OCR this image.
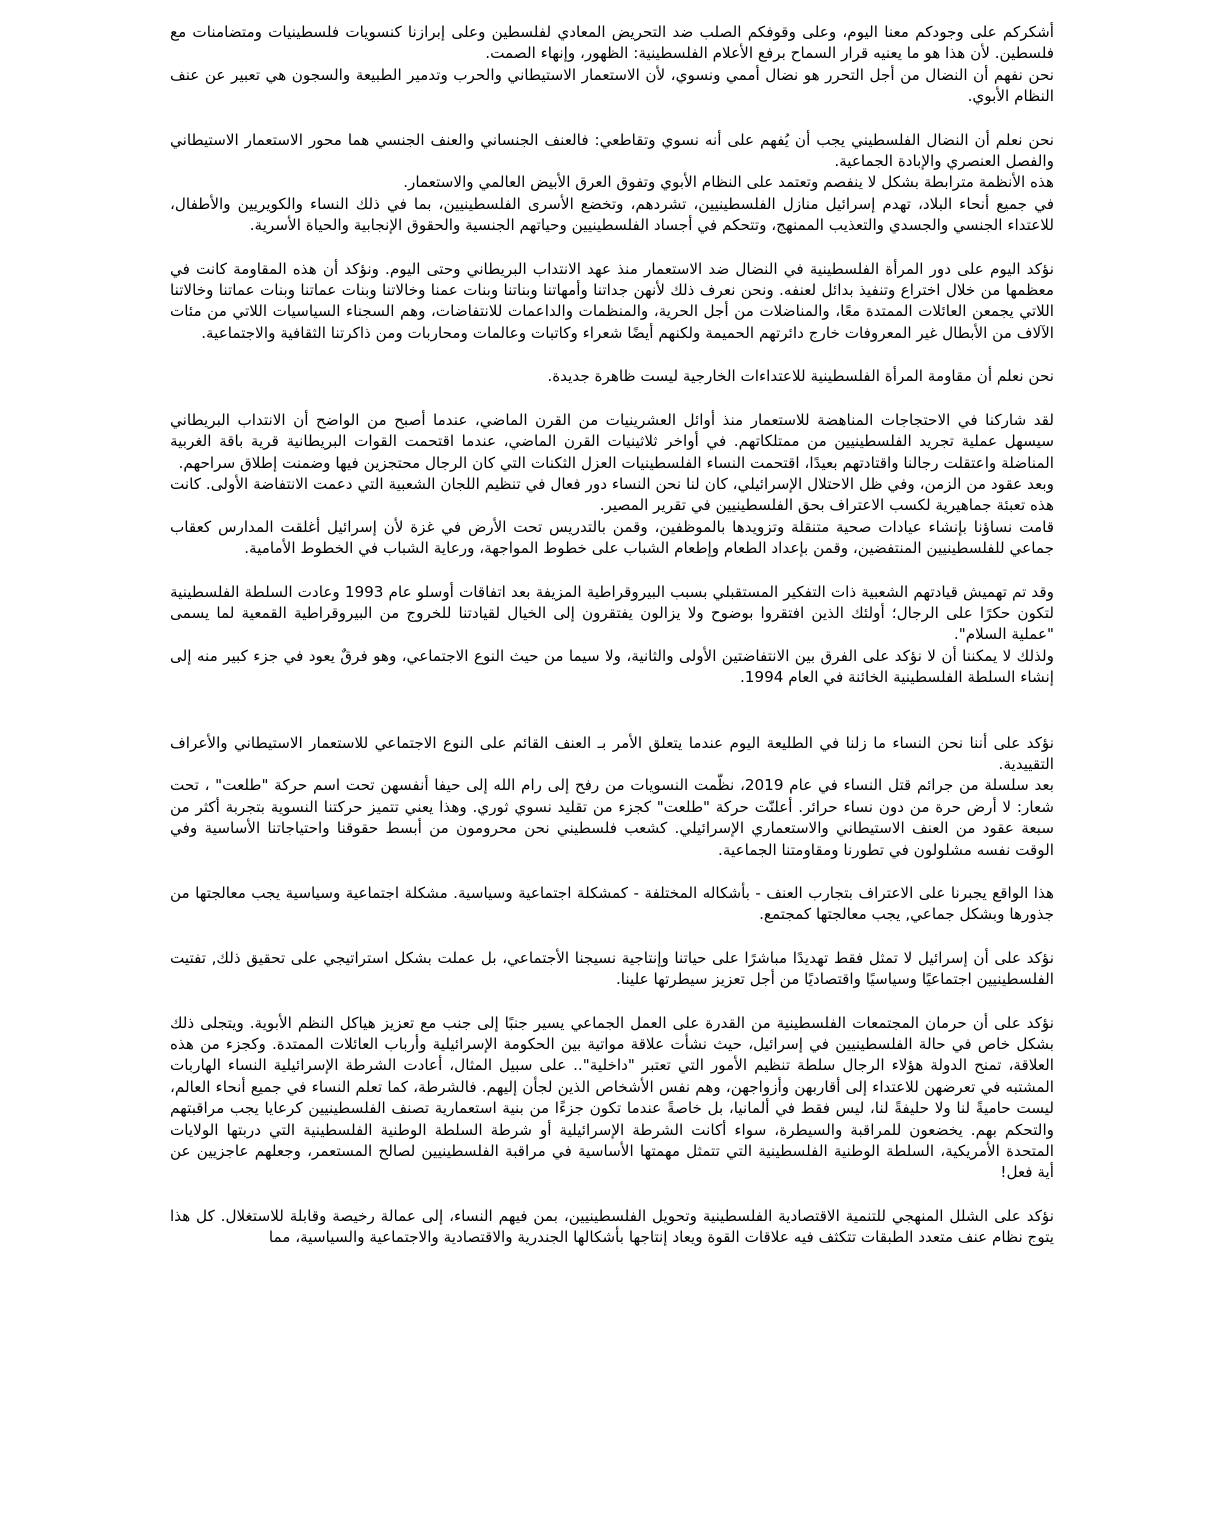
أشكركم على وجودكم معنا اليوم، وعلى وقوفكم الصلب ضد التحريض المعادي لفلسطين وعلى إبرازنا كنسويات فلسطينيات ومتضامنات مع فلسطين. لأن هذا هو ما يعنيه قرار السماح برفع الأعلام الفلسطينية: الظهور، وإنهاء الصمت.
نحن نفهم أن النضال من أجل التحرر هو نضال أممي ونسوي، لأن الاستعمار الاستيطاني والحرب وتدمير الطبيعة والسجون هي تعبير عن عنف النظام الأبوي.

نحن نعلم أن النضال الفلسطيني يجب أن يُفهم على أنه نسوي وتقاطعي: فالعنف الجنساني والعنف الجنسي هما محور الاستعمار الاستيطاني والفصل العنصري والإبادة الجماعية.
هذه الأنظمة مترابطة بشكل لا ينفصم وتعتمد على النظام الأبوي وتفوق العرق الأبيض العالمي والاستعمار.
في جميع أنحاء البلاد، تهدم إسرائيل منازل الفلسطينيين، تشردهم، وتخضع الأسرى الفلسطينيين، بما في ذلك النساء والكويريين والأطفال، للاعتداء الجنسي والجسدي والتعذيب الممنهج، وتتحكم في أجساد الفلسطينيين وحياتهم الجنسية والحقوق الإنجابية والحياة الأسرية.

نؤكد اليوم على دور المرأة الفلسطينية في النضال ضد الاستعمار منذ عهد الانتداب البريطاني وحتى اليوم. ونؤكد أن هذه المقاومة كانت في معظمها من خلال اختراع وتنفيذ بدائل لعنفه. ونحن نعرف ذلك لأنهن جداتنا وأمهاتنا وبناتنا وبنات عمنا وخالاتنا وبنات عماتنا وبنات عماتنا وخالاتنا اللاتي يجمعن العائلات الممتدة معًا، والمناضلات من أجل الحرية، والمنظمات والداعمات للانتفاضات، وهم السجناء السياسيات اللاتي من مئات الآلاف من الأبطال غير المعروفات خارج دائرتهم الحميمة ولكنهم أيضًا شعراء وكاتبات وعالمات ومحاربات ومن ذاكرتنا الثقافية والاجتماعية.

نحن نعلم أن مقاومة المرأة الفلسطينية للاعتداءات الخارجية ليست ظاهرة جديدة.

لقد شاركنا في الاحتجاجات المناهضة للاستعمار منذ أوائل العشرينيات من القرن الماضي، عندما أصبح من الواضح أن الانتداب البريطاني سيسهل عملية تجريد الفلسطينيين من ممتلكاتهم. في أواخر ثلاثينيات القرن الماضي، عندما اقتحمت القوات البريطانية قرية باقة الغربية المناضلة واعتقلت رجالنا واقتادتهم بعيدًا، اقتحمت النساء الفلسطينيات العزل الثكنات التي كان الرجال محتجزين فيها وضمنت إطلاق سراحهم.
وبعد عقود من الزمن، وفي ظل الاحتلال الإسرائيلي، كان لنا نحن النساء دور فعال في تنظيم اللجان الشعبية التي دعمت الانتفاضة الأولى. كانت هذه تعبئة جماهيرية لكسب الاعتراف بحق الفلسطينيين في تقرير المصير.
قامت نساؤنا بإنشاء عيادات صحية متنقلة وتزويدها بالموظفين، وقمن بالتدريس تحت الأرض في غزة لأن إسرائيل أغلقت المدارس كعقاب جماعي للفلسطينيين المنتفضين، وقمن بإعداد الطعام وإطعام الشباب على خطوط المواجهة، ورعاية الشباب في الخطوط الأمامية.

وقد تم تهميش قيادتهم الشعبية ذات التفكير المستقبلي بسبب البيروقراطية المزيفة بعد اتفاقات أوسلو عام 1993 وعادت السلطة الفلسطينية لتكون حكرًا على الرجال؛ أولئك الذين افتقروا بوضوح ولا يزالون يفتقرون إلى الخيال لقيادتنا للخروج من البيروقراطية القمعية لما يسمى "عملية السلام".
ولذلك لا يمكننا أن لا نؤكد على الفرق بين الانتفاضتين الأولى والثانية، ولا سيما من حيث النوع الاجتماعي، وهو فرقٌ يعود في جزء كبير منه إلى إنشاء السلطة الفلسطينية الخائنة في العام 1994.

نؤكد على أننا نحن النساء ما زلنا في الطليعة اليوم عندما يتعلق الأمر بـ العنف القائم على النوع الاجتماعي للاستعمار الاستيطاني والأعراف التقييدية.
بعد سلسلة من جرائم قتل النساء في عام 2019، نظّمت النسويات من رفح إلى رام الله إلى حيفا أنفسهن تحت اسم حركة "طلعت" ، تحت شعار: لا أرض حرة من دون نساء حرائر. أعلنّت حركة "طلعت" كجزء من تقليد نسوي ثوري. وهذا يعني تتميز حركتنا النسوية بتجربة أكثر من سبعة عقود من العنف الاستيطاني والاستعماري الإسرائيلي. كشعب فلسطيني نحن محرومون من أبسط حقوقنا واحتياجاتنا الأساسية وفي الوقت نفسه مشلولون في تطورنا ومقاومتنا الجماعية.

هذا الواقع يجبرنا على الاعتراف بتجارب العنف - بأشكاله المختلفة - كمشكلة اجتماعية وسياسية. مشكلة اجتماعية وسياسية يجب معالجتها من جذورها وبشكل جماعي, يجب معالجتها كمجتمع.

نؤكد على أن إسرائيل لا تمثل فقط تهديدًا مباشرًا على حياتنا وإنتاجية نسيجنا الأجتماعي، بل عملت بشكل استراتيجي على تحقيق ذلك, تفتيت الفلسطينيين اجتماعيًا وسياسيًا واقتصاديًا من أجل تعزيز سيطرتها علينا.

نؤكد على أن حرمان المجتمعات الفلسطينية من القدرة على العمل الجماعي يسير جنبًا إلى جنب مع تعزيز هياكل النظم الأبوية. ويتجلى ذلك بشكل خاص في حالة الفلسطينيين في إسرائيل، حيث نشأت علاقة مواتية بين الحكومة الإسرائيلية وأرباب العائلات الممتدة. وكجزء من هذه العلاقة، تمنح الدولة هؤلاء الرجال سلطة تنظيم الأمور التي تعتبر "داخلية".. على سبيل المثال، أعادت الشرطة الإسرائيلية النساء الهاربات المشتبه في تعرضهن للاعتداء إلى أقاربهن وأزواجهن، وهم نفس الأشخاص الذين لجأن إليهم. فالشرطة، كما تعلم النساء في جميع أنحاء العالم، ليست حاميةً لنا ولا حليفةً لنا، ليس فقط في ألمانيا، بل خاصةً عندما تكون جزءًا من بنية استعمارية تصنف الفلسطينيين كرعايا يجب مراقبتهم والتحكم بهم. يخضعون للمراقبة والسيطرة، سواء أكانت الشرطة الإسرائيلية أو شرطة السلطة الوطنية الفلسطينية التي دربتها الولايات المتحدة الأمريكية، السلطة الوطنية الفلسطينية التي تتمثل مهمتها الأساسية في مراقبة الفلسطينيين لصالح المستعمر، وجعلهم عاجزيين عن أية فعل!

نؤكد على الشلل المنهجي للتنمية الاقتصادية الفلسطينية وتحويل الفلسطينيين، بمن فيهم النساء، إلى عمالة رخيصة وقابلة للاستغلال. كل هذا يتوج نظام عنف متعدد الطبقات تتكثف فيه علاقات القوة ويعاد إنتاجها بأشكالها الجندرية والاقتصادية والاجتماعية والسياسية، مما
